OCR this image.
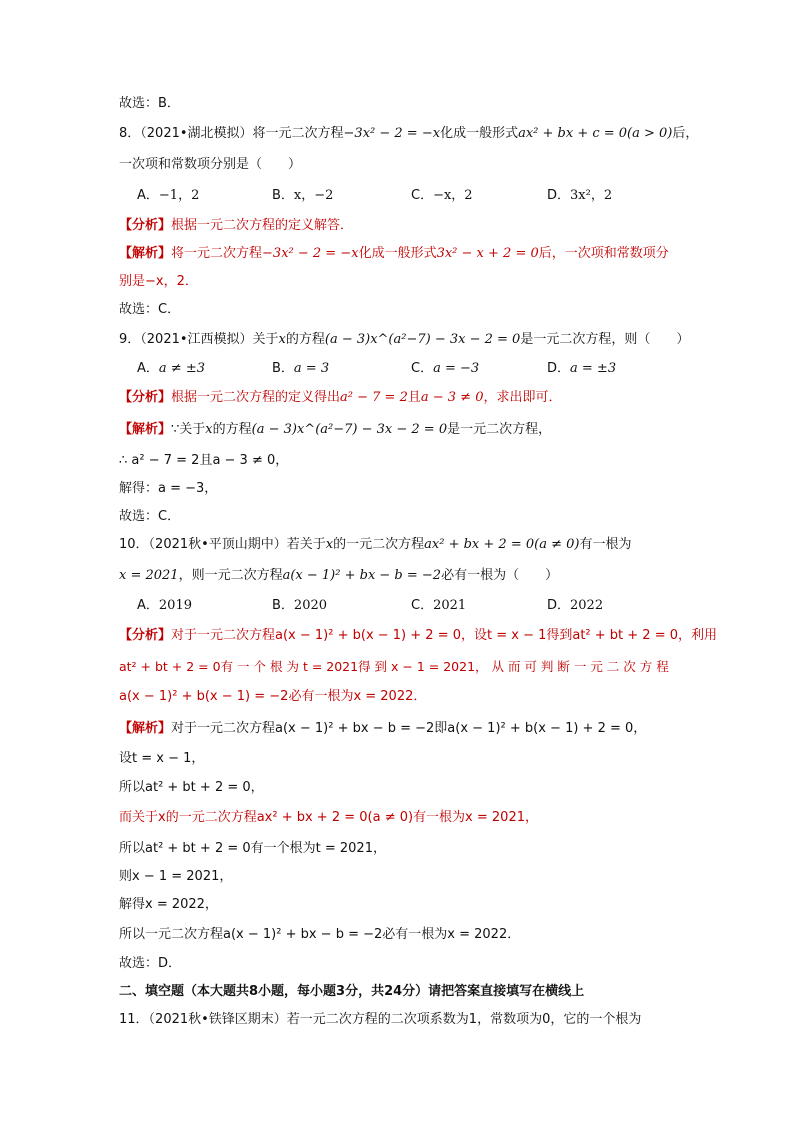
故选：B．
8．（2021•湖北模拟）将一元二次方程−3x² − 2 = −x化成一般形式ax² + bx + c = 0(a > 0)后，
一次项和常数项分别是（　　）
A．−1，2	B．x，−2	C．−x，2	D．3x²，2
【分析】根据一元二次方程的定义解答．
【解析】将一元二次方程−3x² − 2 = −x化成一般形式3x² − x + 2 = 0后，一次项和常数项分
别是−x，2．
故选：C．
9．（2021•江西模拟）关于x的方程(a − 3)x^(a²−7) − 3x − 2 = 0是一元二次方程，则（　　）
A．a ≠ ±3	B．a = 3	C．a = −3	D．a = ±3
【分析】根据一元二次方程的定义得出a² − 7 = 2且a − 3 ≠ 0，求出即可．
【解析】∵关于x的方程(a − 3)x^(a²−7) − 3x − 2 = 0是一元二次方程，
∴ a² − 7 = 2且a − 3 ≠ 0，
解得：a = −3，
故选：C．
10．（2021秋•平顶山期中）若关于x的一元二次方程ax² + bx + 2 = 0(a ≠ 0)有一根为
x = 2021，则一元二次方程a(x − 1)² + bx − b = −2必有一根为（　　）
A．2019	B．2020	C．2021	D．2022
【分析】对于一元二次方程a(x − 1)² + b(x − 1) + 2 = 0，设t = x − 1得到at² + bt + 2 = 0，利用
at² + bt + 2 = 0有 一 个 根 为 t = 2021得 到 x − 1 = 2021， 从 而 可 判 断 一 元 二 次 方 程
a(x − 1)² + b(x − 1) = −2必有一根为x = 2022．
【解析】对于一元二次方程a(x − 1)² + bx − b = −2即a(x − 1)² + b(x − 1) + 2 = 0，
设t = x − 1，
所以at² + bt + 2 = 0，
而关于x的一元二次方程ax² + bx + 2 = 0(a ≠ 0)有一根为x = 2021，
所以at² + bt + 2 = 0有一个根为t = 2021，
则x − 1 = 2021，
解得x = 2022，
所以一元二次方程a(x − 1)² + bx − b = −2必有一根为x = 2022．
故选：D．
二、填空题（本大题共8小题，每小题3分，共24分）请把答案直接填写在横线上
11．（2021秋•铁锋区期末）若一元二次方程的二次项系数为1，常数项为0，它的一个根为
